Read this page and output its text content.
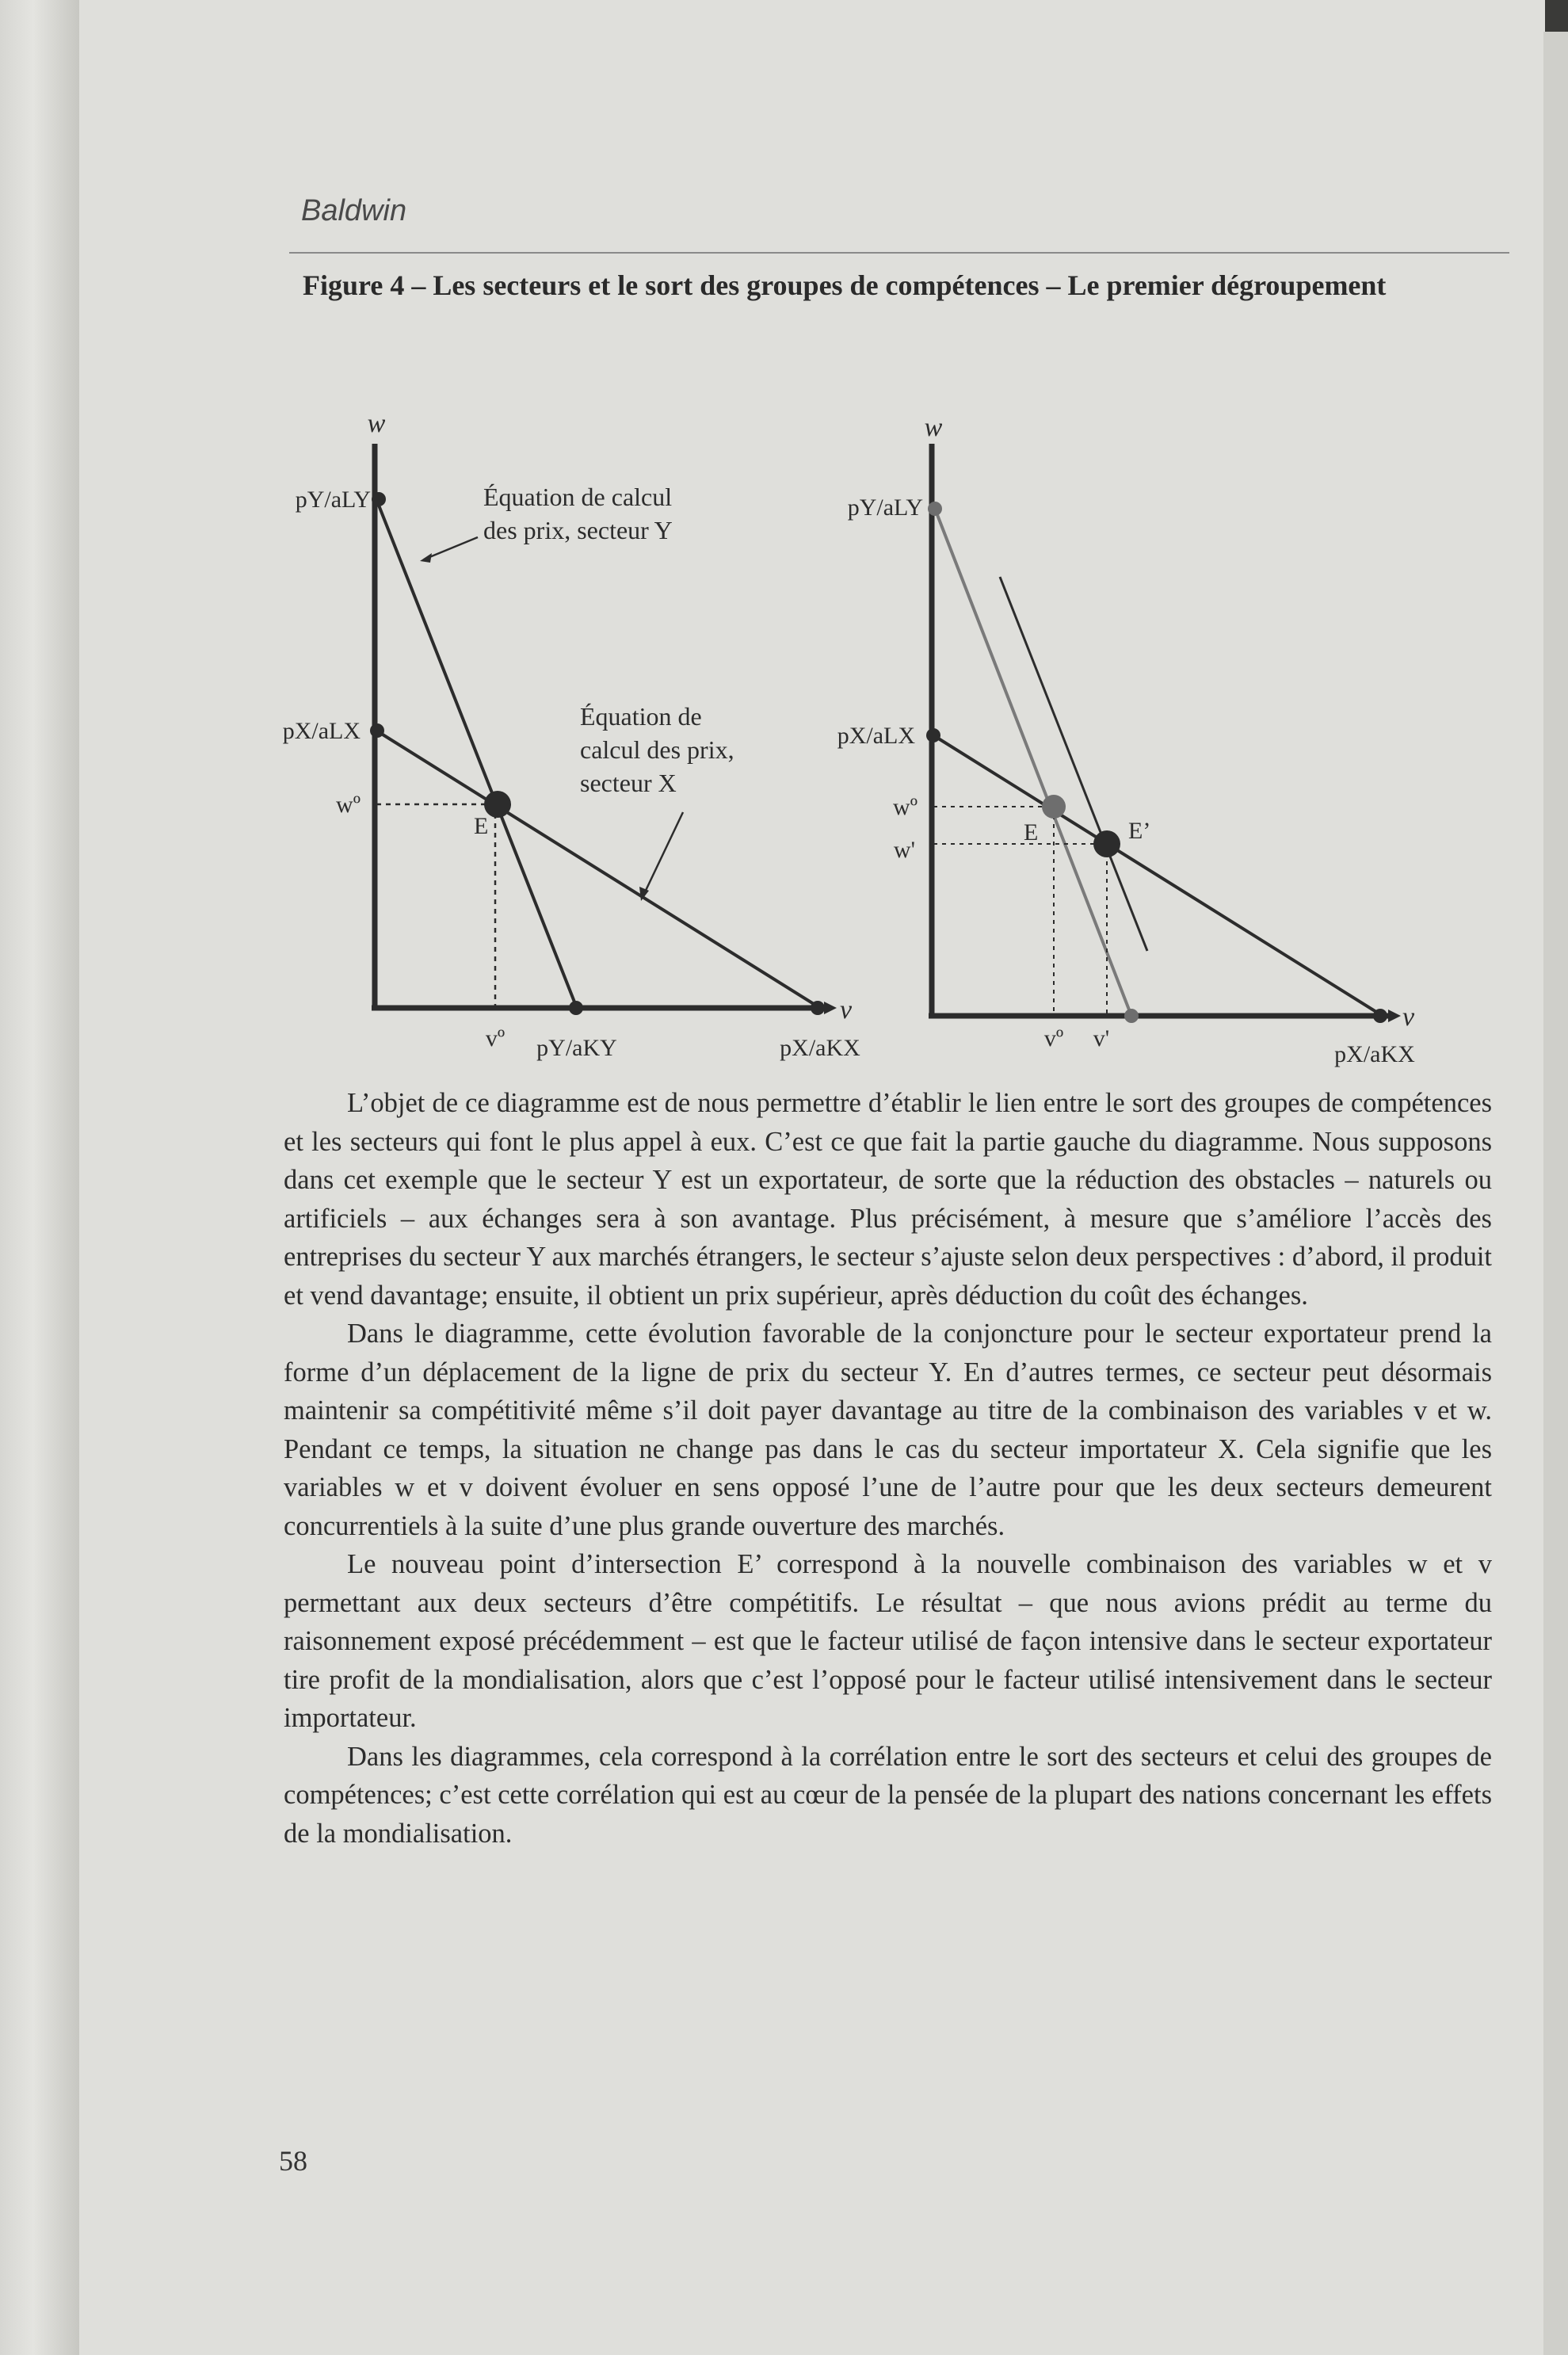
Baldwin
Figure 4 – Les secteurs et le sort des groupes de compétences – Le premier dégroupement
w
v
pY/aLY
pX/aLX
wº
E
vº pY/aKY	pX/aKX
Équation de calcul
des prix, secteur Y
Équation de
calcul des prix,
secteur X
w
v
pY/aLY
pX/aLX
wº
w'
E	E’
vº v'
pX/aKX

L’objet de ce diagramme est de nous permettre d’établir le lien entre le sort des groupes de compétences et les secteurs qui font le plus appel à eux. C’est ce que fait la partie gauche du diagramme. Nous supposons dans cet exemple que le secteur Y est un exportateur, de sorte que la réduction des obstacles – naturels ou artificiels – aux échanges sera à son avantage. Plus précisément, à mesure que s’améliore l’accès des entreprises du secteur Y aux marchés étrangers, le secteur s’ajuste selon deux perspectives : d’abord, il produit et vend davantage; ensuite, il obtient un prix supérieur, après déduction du coût des échanges.

Dans le diagramme, cette évolution favorable de la conjoncture pour le secteur exportateur prend la forme d’un déplacement de la ligne de prix du secteur Y. En d’autres termes, ce secteur peut désormais maintenir sa compétitivité même s’il doit payer davantage au titre de la combinaison des variables v et w. Pendant ce temps, la situation ne change pas dans le cas du secteur importateur X. Cela signifie que les variables w et v doivent évoluer en sens opposé l’une de l’autre pour que les deux secteurs demeurent concurrentiels à la suite d’une plus grande ouverture des marchés.

Le nouveau point d’intersection E’ correspond à la nouvelle combinaison des variables w et v permettant aux deux secteurs d’être compétitifs. Le résultat – que nous avions prédit au terme du raisonnement exposé précédemment – est que le facteur utilisé de façon intensive dans le secteur exportateur tire profit de la mondialisation, alors que c’est l’opposé pour le facteur utilisé intensivement dans le secteur importateur.

Dans les diagrammes, cela correspond à la corrélation entre le sort des secteurs et celui des groupes de compétences; c’est cette corrélation qui est au cœur de la pensée de la plupart des nations concernant les effets de la mondialisation.

58
